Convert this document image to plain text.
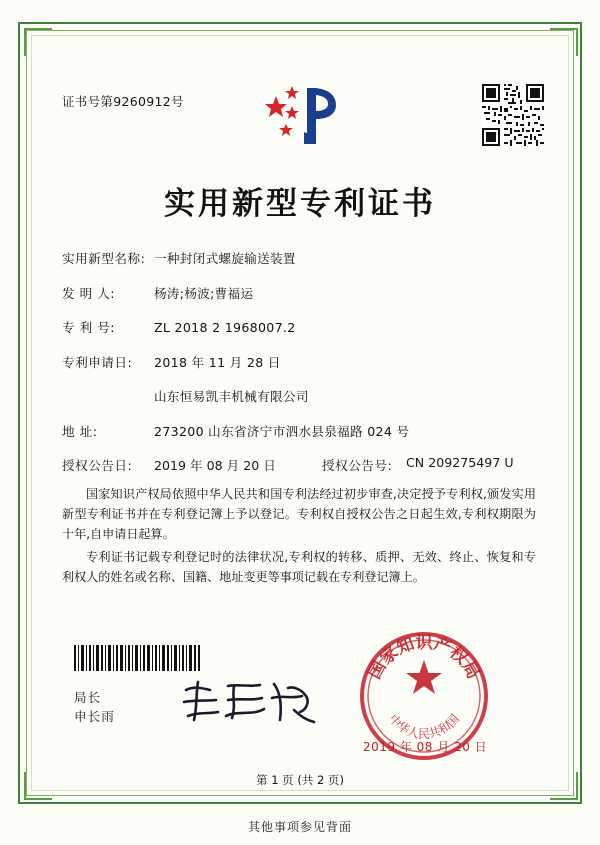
证书号第9260912号
实用新型专利证书
实用新型名称: 一种封闭式螺旋输送装置
发 明 人:	杨涛;杨波;曹福运
专 利 号:	ZL 2018 2 1968007.2
专利申请日:	2018 年 11 月 28 日
山东恒易凯丰机械有限公司
地 址:	273200 山东省济宁市泗水县泉福路 024 号
授权公告日:	2019 年 08 月 20 日	授权公告号:	CN 209275497 U

国家知识产权局依照中华人民共和国专利法经过初步审查,决定授予专利权,颁发实用新型专利证书并在专利登记簿上予以登记。专利权自授权公告之日起生效,专利权期限为十年,自申请日起算。

专利证书记载专利登记时的法律状况,专利权的转移、质押、无效、终止、恢复和专利权人的姓名或名称、国籍、地址变更等事项记载在专利登记簿上。

局长
申长雨
国家知识产权局
中华人民共和国
2019 年 08 月 20 日
第 1 页 (共 2 页)
其他事项参见背面
